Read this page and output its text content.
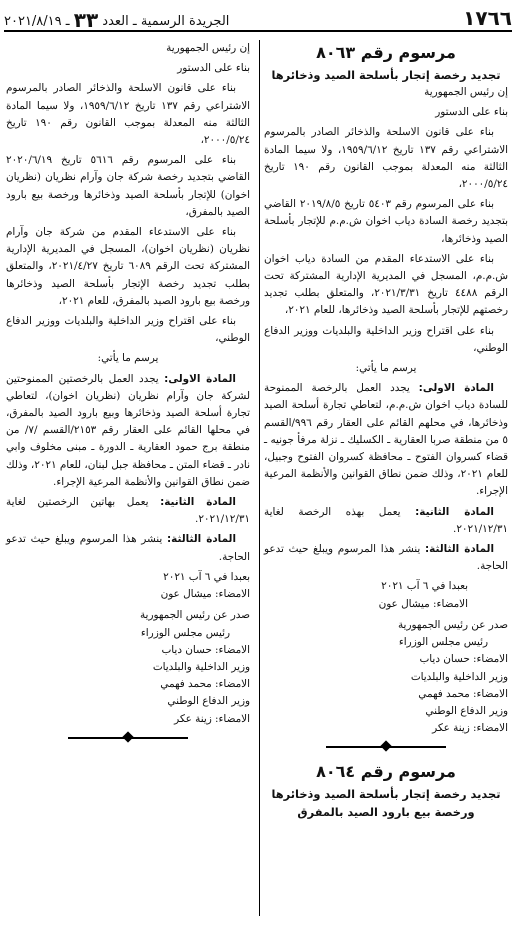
١٧٦٦
الجريدة الرسمية ـ العدد ٣٣ ـ ٢٠٢١/٨/١٩
مرسوم رقم ٨٠٦٣
تجديد رخصة إتجار بأسلحة الصيد وذخائرها

إن رئيس الجمهورية

بناء على الدستور

بناء على قانون الاسلحة والذخائر الصادر بالمرسوم الاشتراعي رقم ١٣٧ تاريخ ١٩٥٩/٦/١٢، ولا سيما المادة الثالثة منه المعدلة بموجب القانون رقم ١٩٠ تاريخ ٢٠٠٠/٥/٢٤،

بناء على المرسوم رقم ٥٤٠٣ تاريخ ٢٠١٩/٨/٥ القاضي بتجديد رخصة السادة دياب اخوان ش.م.م للإتجار بأسلحة الصيد وذخائرها،

بناء على الاستدعاء المقدم من السادة دياب اخوان ش.م.م، المسجل في المديرية الإدارية المشتركة تحت الرقم ٤٤٨٨ تاريخ ٢٠٢١/٣/٣١، والمتعلق بطلب تجديد رخصتهم للإتجار بأسلحة الصيد وذخائرها، للعام ٢٠٢١،

بناء على اقتراح وزير الداخلية والبلديات ووزير الدفاع الوطني،

يرسم ما يأتي:

المادة الاولى: يجدد العمل بالرخصة الممنوحة للسادة دياب اخوان ش.م.م، لتعاطي تجارة أسلحة الصيد وذخائرها، في محلهم القائم على العقار رقم ٩٩٦/القسم ٥ من منطقة صربا العقارية ـ الكسليك ـ نزلة مرفأ جونيه ـ قضاء كسروان الفتوح ـ محافظة كسروان الفتوح وجبيل، للعام ٢٠٢١، وذلك ضمن نطاق القوانين والأنظمة المرعية الإجراء.

المادة الثانية: يعمل بهذه الرخصة لغاية ٢٠٢١/١٢/٣١.

المادة الثالثة: ينشر هذا المرسوم ويبلغ حيث تدعو الحاجة.

بعبدا في ٦ آب ٢٠٢١
الامضاء: ميشال عون
صدر عن رئيس الجمهورية
رئيس مجلس الوزراء
الامضاء: حسان دياب
وزير الداخلية والبلديات
الامضاء: محمد فهمي
وزير الدفاع الوطني
الامضاء: زينة عكر
مرسوم رقم ٨٠٦٤
تجديد رخصة إتجار بأسلحة الصيد وذخائرها
ورخصة بيع بارود الصيد بالمفرق

إن رئيس الجمهورية

بناء على الدستور

بناء على قانون الاسلحة والذخائر الصادر بالمرسوم الاشتراعي رقم ١٣٧ تاريخ ١٩٥٩/٦/١٢، ولا سيما المادة الثالثة منه المعدلة بموجب القانون رقم ١٩٠ تاريخ ٢٠٠٠/٥/٢٤،

بناء على المرسوم رقم ٥٦١٦ تاريخ ٢٠٢٠/٦/١٩ القاضي بتجديد رخصة شركة جان وآرام نظريان (نظريان اخوان) للإتجار بأسلحة الصيد وذخائرها ورخصة بيع بارود الصيد بالمفرق،

بناء على الاستدعاء المقدم من شركة جان وآرام نظريان (نظريان اخوان)، المسجل في المديرية الإدارية المشتركة تحت الرقم ٦٠٨٩ تاريخ ٢٠٢١/٤/٢٧، والمتعلق بطلب تجديد رخصة الإتجار بأسلحة الصيد وذخائرها ورخصة بيع بارود الصيد بالمفرق، للعام ٢٠٢١،

بناء على اقتراح وزير الداخلية والبلديات ووزير الدفاع الوطني،

يرسم ما يأتي:

المادة الاولى: يجدد العمل بالرخصتين الممنوحتين لشركة جان وآرام نظريان (نظريان اخوان)، لتعاطي تجارة أسلحة الصيد وذخائرها وبيع بارود الصيد بالمفرق، في محلها القائم على العقار رقم ٢١٥٣/القسم /٧/ من منطقة برج حمود العقارية ـ الدورة ـ مبنى مخلوف وابي نادر ـ قضاء المتن ـ محافظة جبل لبنان، للعام ٢٠٢١، وذلك ضمن نطاق القوانين والأنظمة المرعية الإجراء.

المادة الثانية: يعمل بهاتين الرخصتين لغاية ٢٠٢١/١٢/٣١.

المادة الثالثة: ينشر هذا المرسوم ويبلغ حيث تدعو الحاجة.

بعبدا في ٦ آب ٢٠٢١
الامضاء: ميشال عون
صدر عن رئيس الجمهورية
رئيس مجلس الوزراء
الامضاء: حسان دياب
وزير الداخلية والبلديات
الامضاء: محمد فهمي
وزير الدفاع الوطني
الامضاء: زينة عكر
